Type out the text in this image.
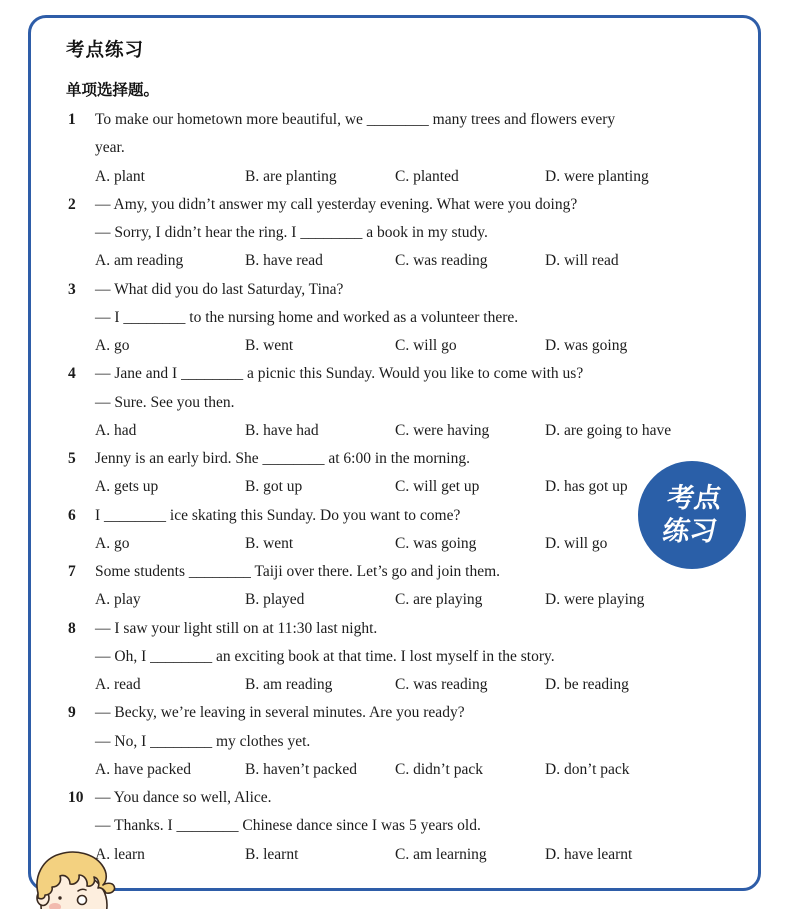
考点练习
单项选择题。
1	To make our hometown more beautiful, we ________ many trees and flowers every
year.
A. plant	B. are planting	C. planted	D. were planting
2	— Amy, you didn’t answer my call yesterday evening. What were you doing?
— Sorry, I didn’t hear the ring. I ________ a book in my study.
A. am reading	B. have read	C. was reading	D. will read
3	— What did you do last Saturday, Tina?
— I ________ to the nursing home and worked as a volunteer there.
A. go	B. went	C. will go	D. was going
4	— Jane and I ________ a picnic this Sunday. Would you like to come with us?
— Sure. See you then.
A. had	B. have had	C. were having	D. are going to have
5	Jenny is an early bird. She ________ at 6:00 in the morning.
A. gets up	B. got up	C. will get up	D. has got up
6	I ________ ice skating this Sunday. Do you want to come?
A. go	B. went	C. was going	D. will go
7	Some students ________ Taiji over there. Let’s go and join them.
A. play	B. played	C. are playing	D. were playing
8	— I saw your light still on at 11:30 last night.
— Oh, I ________ an exciting book at that time. I lost myself in the story.
A. read	B. am reading	C. was reading	D. be reading
9	— Becky, we’re leaving in several minutes. Are you ready?
— No, I ________ my clothes yet.
A. have packed	B. haven’t packed	C. didn’t pack	D. don’t pack
10 — You dance so well, Alice.
— Thanks. I ________ Chinese dance since I was 5 years old.
A. learn	B. learnt	C. am learning	D. have learnt
考点
练习
